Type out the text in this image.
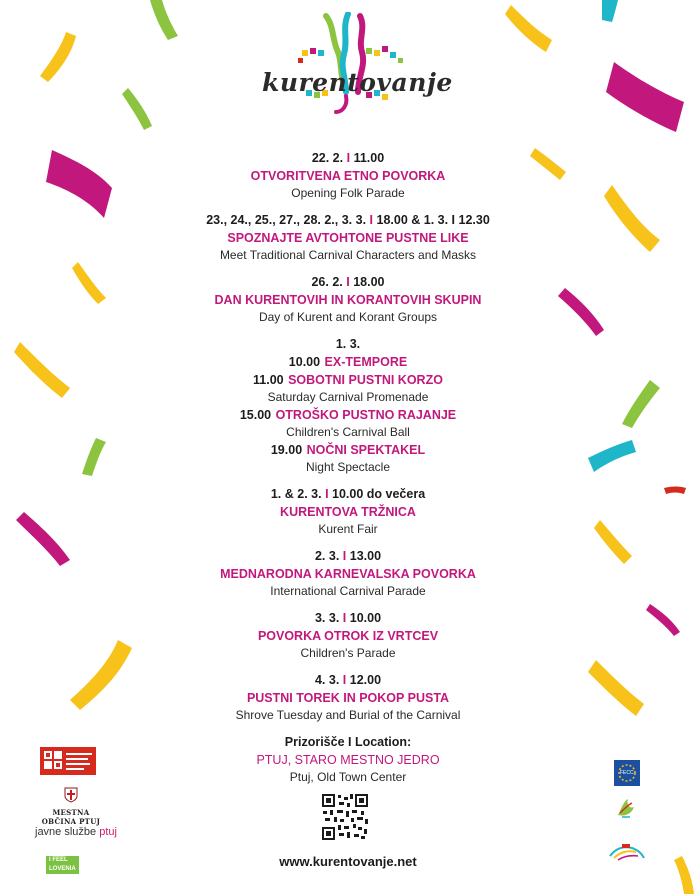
kurentovanje
22. 2. I 11.00
OTVORITVENA ETNO POVORKA
Opening Folk Parade
23., 24., 25., 27., 28. 2., 3. 3. I 18.00 & 1. 3. I 12.30
SPOZNAJTE AVTOHTONE PUSTNE LIKE
Meet Traditional Carnival Characters and Masks
26. 2. I 18.00
DAN KURENTOVIH IN KORANTOVIH SKUPIN
Day of Kurent and Korant Groups
1. 3.
10.00 EX-TEMPORE
11.00 SOBOTNI PUSTNI KORZO
Saturday Carnival Promenade
15.00 OTROŠKO PUSTNO RAJANJE
Children's Carnival Ball
19.00 NOČNI SPEKTAKEL
Night Spectacle
1. & 2. 3. I 10.00 do večera
KURENTOVA TRŽNICA
Kurent Fair
2. 3. I 13.00
MEDNARODNA KARNEVALSKA POVORKA
International Carnival Parade
3. 3. I 10.00
POVORKA OTROK IZ VRTCEV
Children's Parade
4. 3. I 12.00
PUSTNI TOREK IN POKOP PUSTA
Shrove Tuesday and Burial of the Carnival
Prizorišče I Location:
PTUJ, STARO MESTNO JEDRO
Ptuj, Old Town Center
www.kurentovanje.net
MESTNA OBČINA PTUJ
javne službe ptuj
I FEEL
LOVENIA
FECC
